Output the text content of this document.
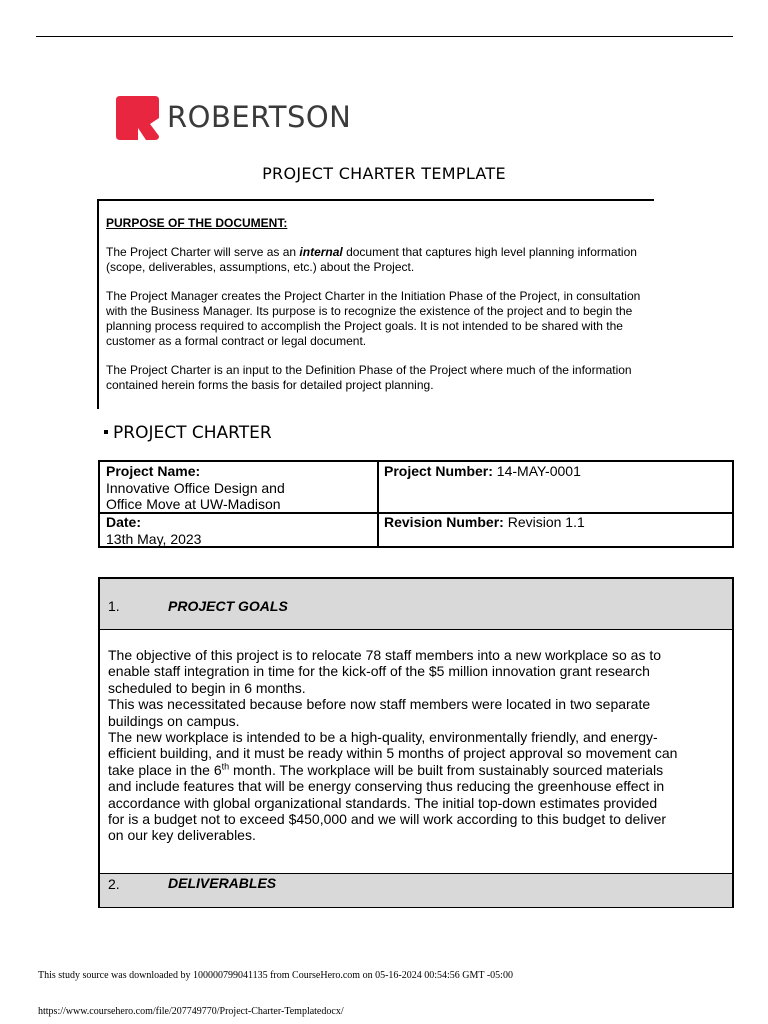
ROBERTSON
PROJECT CHARTER TEMPLATE
PURPOSE OF THE DOCUMENT:

The Project Charter will serve as an internal document that captures high level planning information (scope, deliverables, assumptions, etc.) about the Project.

The Project Manager creates the Project Charter in the Initiation Phase of the Project, in consultation with the Business Manager. Its purpose is to recognize the existence of the project and to begin the planning process required to accomplish the Project goals. It is not intended to be shared with the customer as a formal contract or legal document.

The Project Charter is an input to the Definition Phase of the Project where much of the information contained herein forms the basis for detailed project planning.

PROJECT CHARTER
Project Name:
Innovative Office Design and
Office Move at UW-Madison
Project Number: 14-MAY-0001
Date:
13th May, 2023
Revision Number: Revision 1.1
1.	PROJECT GOALS

The objective of this project is to relocate 78 staff members into a new workplace so as to

enable staff integration in time for the kick-off of the $5 million innovation grant research

scheduled to begin in 6 months.

This was necessitated because before now staff members were located in two separate

buildings on campus.

The new workplace is intended to be a high-quality, environmentally friendly, and energy-

efficient building, and it must be ready within 5 months of project approval so movement can

take place in the 6th month. The workplace will be built from sustainably sourced materials

and include features that will be energy conserving thus reducing the greenhouse effect in

accordance with global organizational standards. The initial top-down estimates provided

for is a budget not to exceed $450,000 and we will work according to this budget to deliver

on our key deliverables.

2.	DELIVERABLES
This study source was downloaded by 100000799041135 from CourseHero.com on 05-16-2024 00:54:56 GMT -05:00
https://www.coursehero.com/file/207749770/Project-Charter-Templatedocx/
